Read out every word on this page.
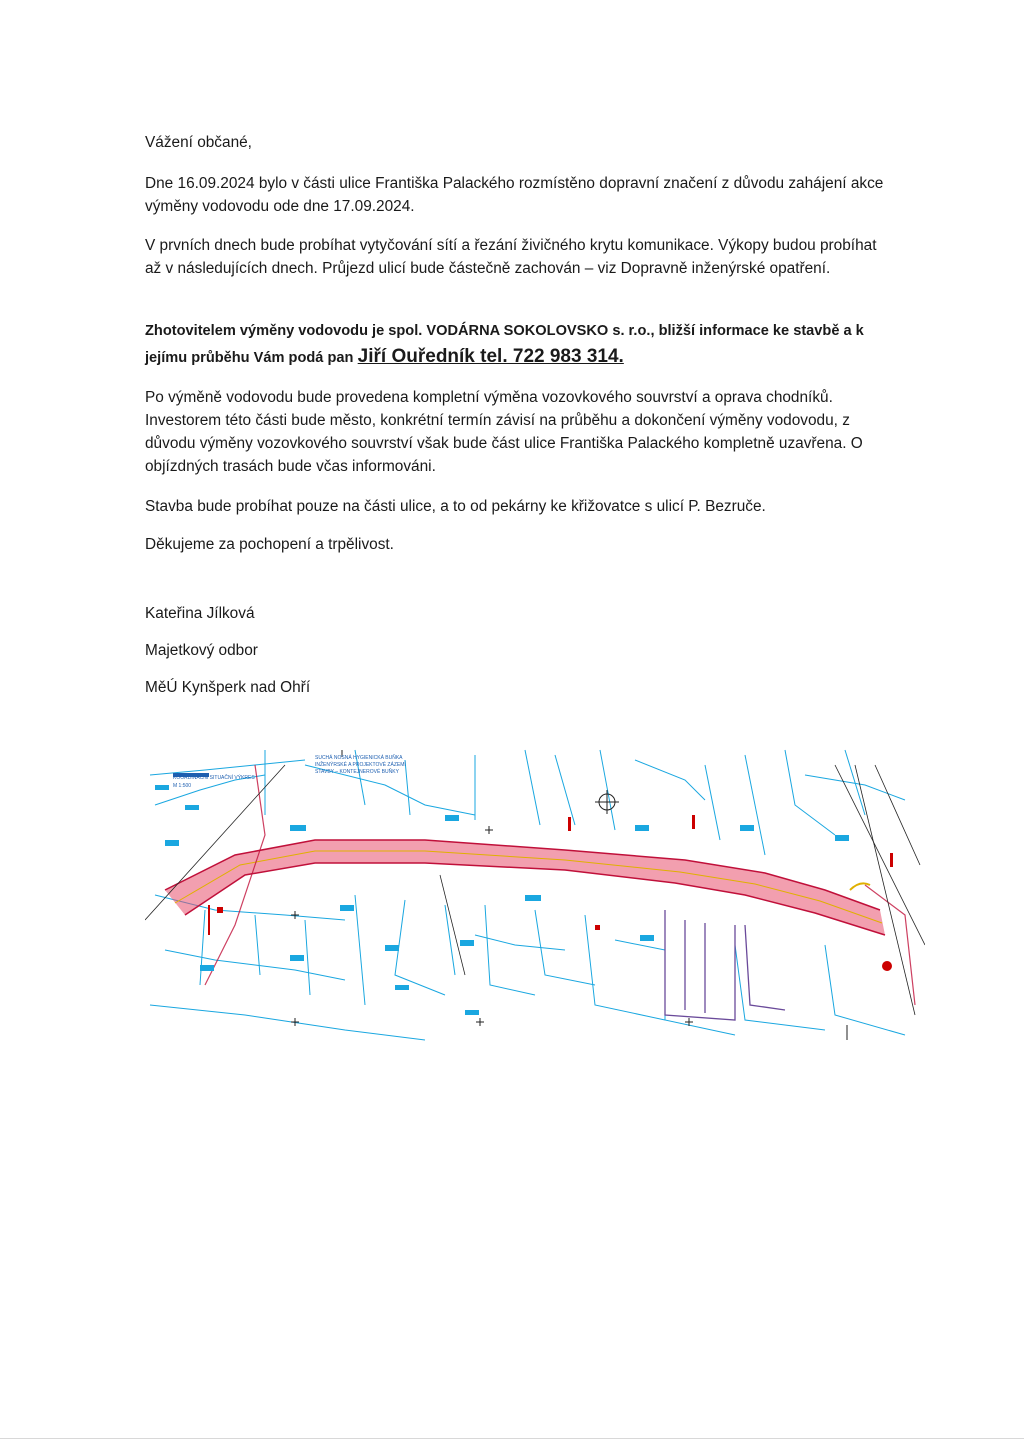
Vážení občané,

Dne 16.09.2024 bylo v části ulice Františka Palackého rozmístěno dopravní značení z důvodu zahájení akce výměny vodovodu ode dne 17.09.2024.

V prvních dnech bude probíhat vytyčování sítí a řezání živičného krytu komunikace. Výkopy budou probíhat až v následujících dnech. Průjezd ulicí bude částečně zachován – viz Dopravně inženýrské opatření.

Zhotovitelem výměny vodovodu je spol. VODÁRNA SOKOLOVSKO s. r.o., bližší informace ke stavbě a k jejímu průběhu Vám podá pan Jiří Ouředník tel. 722 983 314.

Po výměně vodovodu bude provedena kompletní výměna vozovkového souvrství a oprava chodníků. Investorem této části bude město, konkrétní termín závisí na průběhu a dokončení výměny vodovodu, z důvodu výměny vozovkového souvrství však bude část ulice Františka Palackého kompletně uzavřena. O objízdných trasách bude včas informováni.

Stavba bude probíhat pouze na části ulice, a to od pekárny ke křižovatce s ulicí P. Bezruče.

Děkujeme za pochopení a trpělivost.

Kateřina Jílková
Majetkový odbor
MěÚ Kynšperk nad Ohří
KOORDINAČNÍ SITUAČNÍ VÝKRES
M 1:500
SUCHÁ NOSNÁ HYGIENICKÁ BUŇKA
INŽENÝRSKÉ A PROJEKTOVÉ ZÁZEMÍ
STAVBY – KONTEJNEROVÉ BUŇKY
